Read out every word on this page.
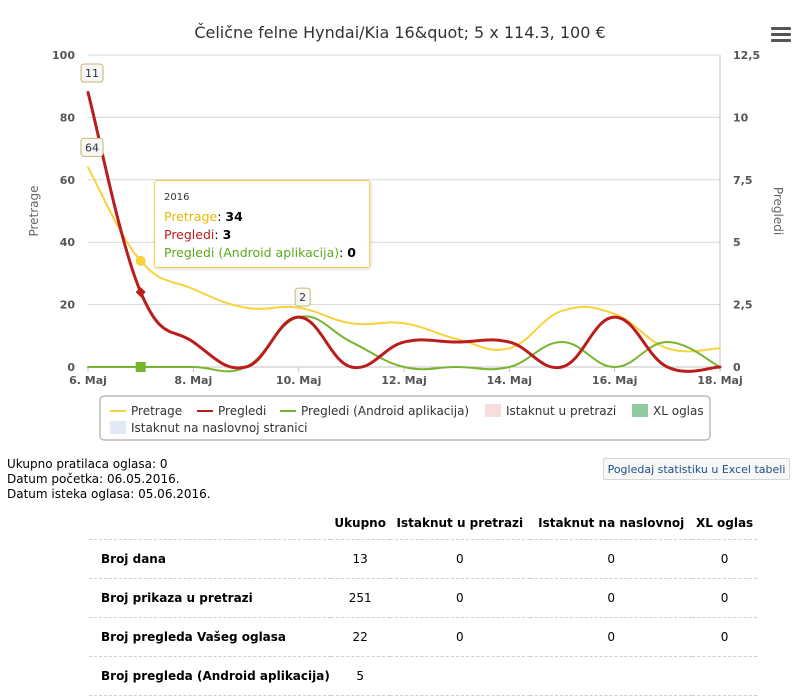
Čelične felne Hyndai/Kia 16&quot; 5 x 114.3, 100 €
0
20
40
60
80
100
0
2,5
5
7,5
10
12,5
Pretrage	Pregledi
6. Maj	8. Maj	10. Maj	12. Maj	14. Maj	16. Maj	18. Maj
11
64
2
Pretrage	Pregledi	Pregledi (Android aplikacija)	Istaknut u pretrazi	XL oglas
Istaknut na naslovnoj stranici
2016
Pretrage: 34
Pregledi: 3
Pregledi (Android aplikacija): 0
Ukupno pratilaca oglasa: 0
Datum početka: 06.05.2016.
Datum isteka oglasa: 05.06.2016.
Pogledaj statistiku u Excel tabeli
	Ukupno	Istaknut u pretrazi	Istaknut na naslovnoj	XL oglas
Broj dana	13	0	0	0
Broj prikaza u pretrazi	251	0	0	0
Broj pregleda Vašeg oglasa	22	0	0	0
Broj pregleda (Android aplikacija)	5			
